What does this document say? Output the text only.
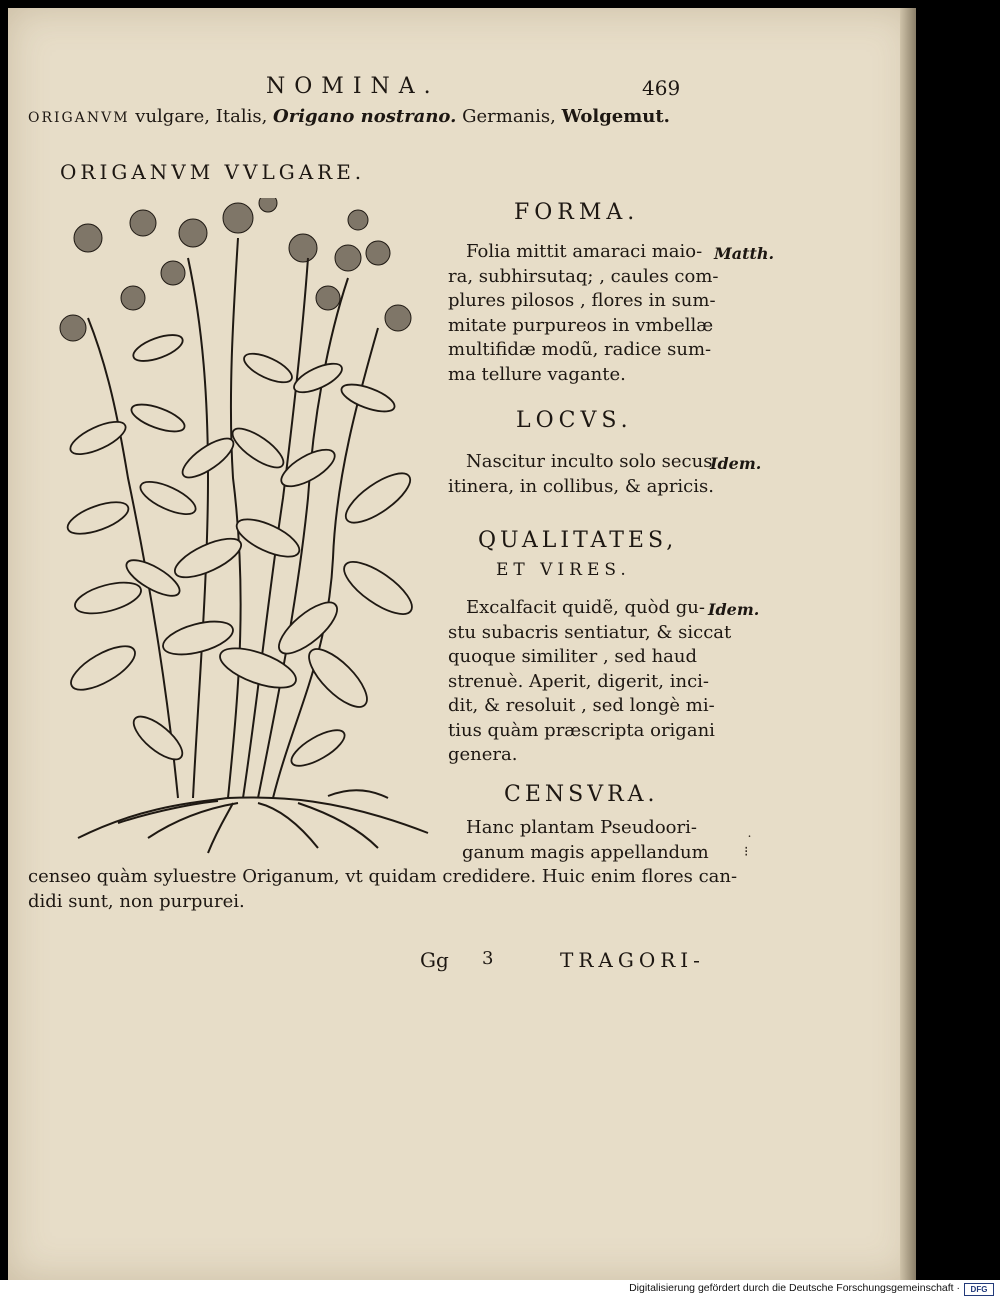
NOMINA.	469
ORIGANVM vulgare, Italis, Origano nostrano. Germanis, Wolgemut.
ORIGANVM VVLGARE.
FORMA.
Matth.
Folia mittit amaraci maio-
ra, subhirsutaq; , caules com-
plures pilosos , flores in sum-
mitate purpureos in vmbellæ
multifidæ modũ, radice sum-
ma tellure vagante.
LOCVS.
Idem.
Nascitur inculto solo secus
itinera, in collibus, & apricis.
QUALITATES,
ET VIRES.
Idem.
Excalfacit quidẽ, quòd gu-
stu subacris sentiatur, & siccat
quoque similiter , sed haud
strenuè. Aperit, digerit, inci-
dit, & resoluit , sed longè mi-
tius quàm præscripta origani
genera.
CENSVRA.
Hanc plantam Pseudoori-
ganum magis appellandum
censeo quàm syluestre Origanum, vt quidam credidere. Huic enim flores can-
didi sunt, non purpurei.
Gg 3	TRAGORI-
˙
⁝
Digitalisierung gefördert durch die Deutsche Forschungsgemeinschaft ·	DFG
